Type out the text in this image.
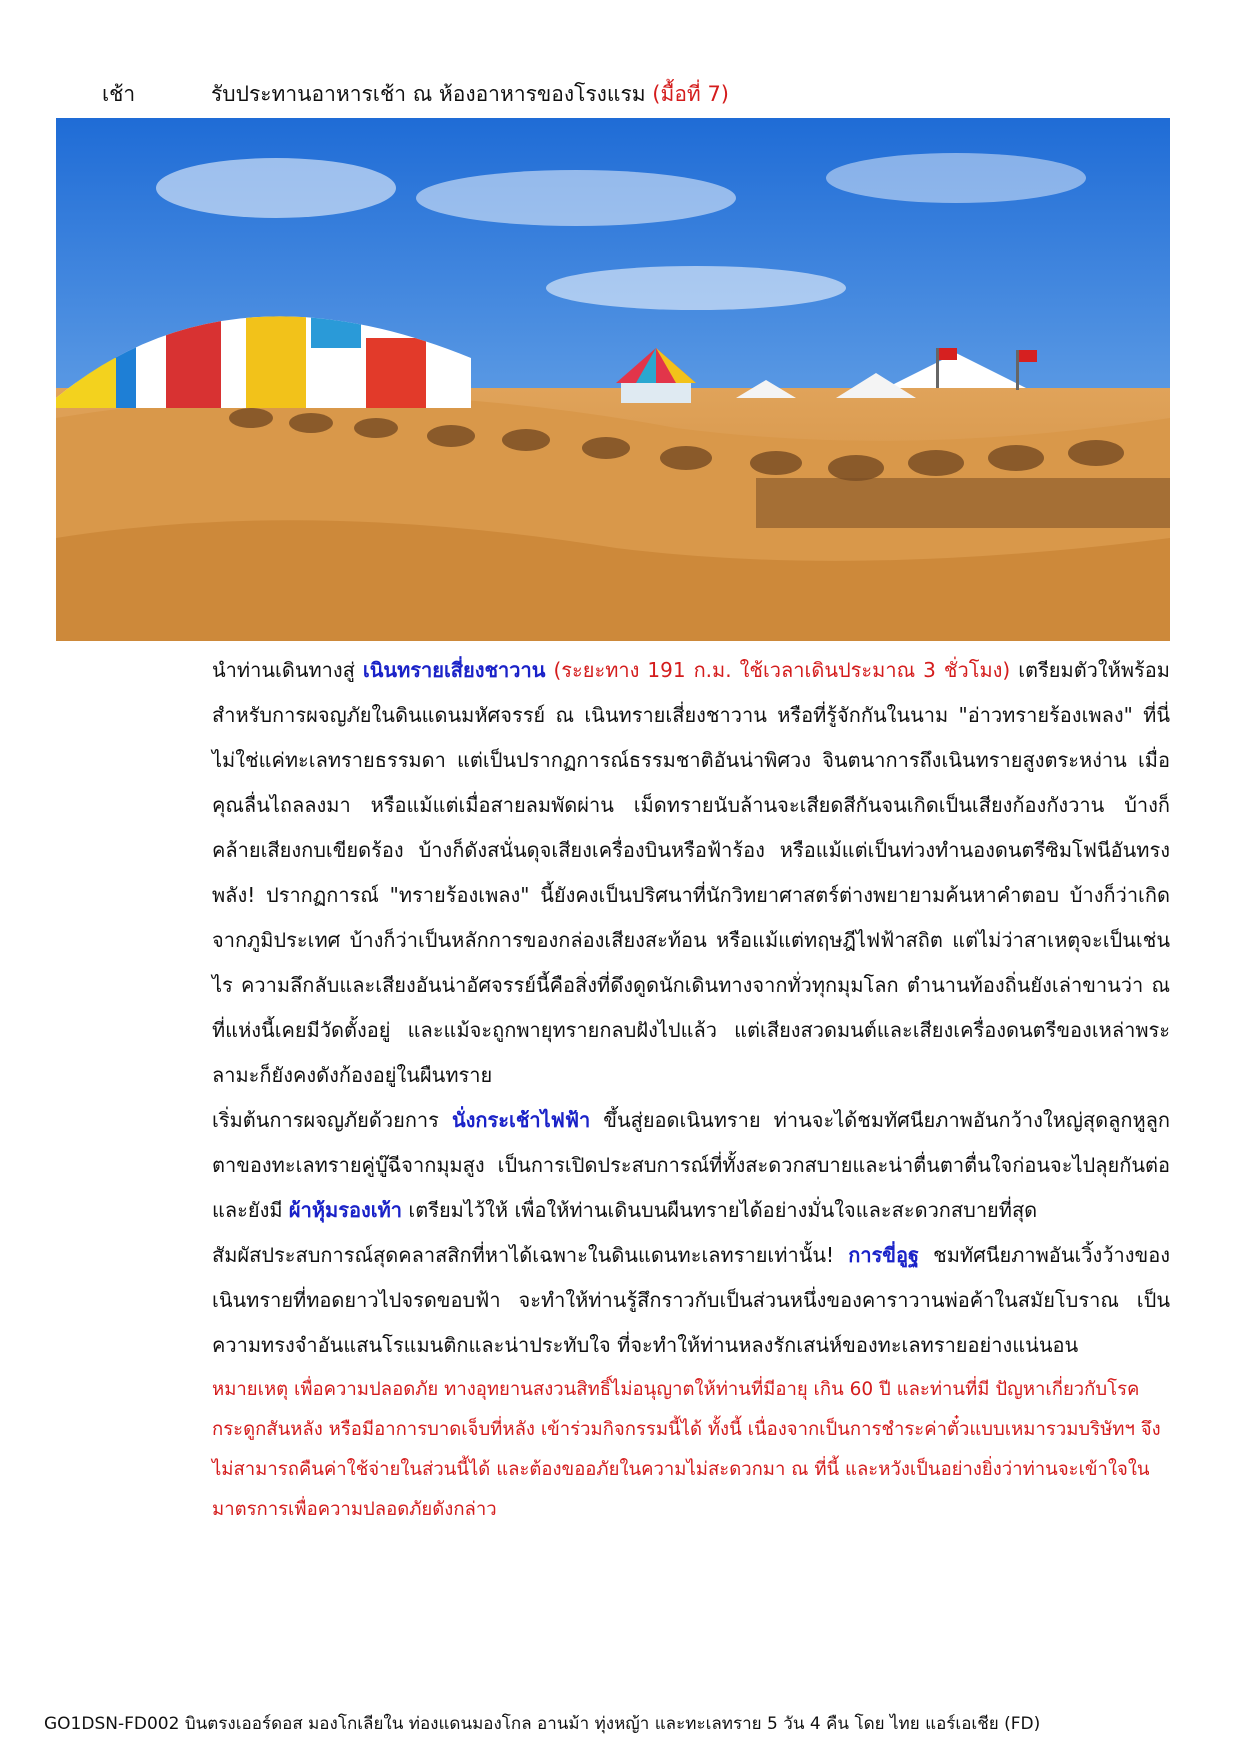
เช้า	รับประทานอาหารเช้า ณ ห้องอาหารของโรงแรม (มื้อที่ 7)

นำท่านเดินทางสู่ เนินทรายเสี่ยงชาวาน (ระยะทาง 191 ก.ม. ใช้เวลาเดินประมาณ 3 ชั่วโมง) เตรียมตัวให้พร้อมสำหรับการผจญภัยในดินแดนมหัศจรรย์ ณ เนินทรายเสี่ยงชาวาน หรือที่รู้จักกันในนาม "อ่าวทรายร้องเพลง" ที่นี่ไม่ใช่แค่ทะเลทรายธรรมดา แต่เป็นปรากฏการณ์ธรรมชาติอันน่าพิศวง จินตนาการถึงเนินทรายสูงตระหง่าน เมื่อคุณลื่นไถลลงมา หรือแม้แต่เมื่อสายลมพัดผ่าน เม็ดทรายนับล้านจะเสียดสีกันจนเกิดเป็นเสียงก้องกังวาน บ้างก็คล้ายเสียงกบเขียดร้อง บ้างก็ดังสนั่นดุจเสียงเครื่องบินหรือฟ้าร้อง หรือแม้แต่เป็นท่วงทำนองดนตรีซิมโฟนีอันทรงพลัง! ปรากฏการณ์ "ทรายร้องเพลง" นี้ยังคงเป็นปริศนาที่นักวิทยาศาสตร์ต่างพยายามค้นหาคำตอบ บ้างก็ว่าเกิดจากภูมิประเทศ บ้างก็ว่าเป็นหลักการของกล่องเสียงสะท้อน หรือแม้แต่ทฤษฎีไฟฟ้าสถิต แต่ไม่ว่าสาเหตุจะเป็นเช่นไร ความลึกลับและเสียงอันน่าอัศจรรย์นี้คือสิ่งที่ดึงดูดนักเดินทางจากทั่วทุกมุมโลก ตำนานท้องถิ่นยังเล่าขานว่า ณ ที่แห่งนี้เคยมีวัดตั้งอยู่ และแม้จะถูกพายุทรายกลบฝังไปแล้ว แต่เสียงสวดมนต์และเสียงเครื่องดนตรีของเหล่าพระลามะก็ยังคงดังก้องอยู่ในผืนทราย

เริ่มต้นการผจญภัยด้วยการ นั่งกระเช้าไฟฟ้า ขึ้นสู่ยอดเนินทราย ท่านจะได้ชมทัศนียภาพอันกว้างใหญ่สุดลูกหูลูกตาของทะเลทรายคู่บู๊ฉีจากมุมสูง เป็นการเปิดประสบการณ์ที่ทั้งสะดวกสบายและน่าตื่นตาตื่นใจก่อนจะไปลุยกันต่อ และยังมี ผ้าหุ้มรองเท้า เตรียมไว้ให้ เพื่อให้ท่านเดินบนผืนทรายได้อย่างมั่นใจและสะดวกสบายที่สุด

สัมผัสประสบการณ์สุดคลาสสิกที่หาได้เฉพาะในดินแดนทะเลทรายเท่านั้น! การขี่อูฐ ชมทัศนียภาพอันเวิ้งว้างของเนินทรายที่ทอดยาวไปจรดขอบฟ้า จะทำให้ท่านรู้สึกราวกับเป็นส่วนหนึ่งของคาราวานพ่อค้าในสมัยโบราณ เป็นความทรงจำอันแสนโรแมนติกและน่าประทับใจ ที่จะทำให้ท่านหลงรักเสน่ห์ของทะเลทรายอย่างแน่นอน

หมายเหตุ เพื่อความปลอดภัย ทางอุทยานสงวนสิทธิ์ไม่อนุญาตให้ท่านที่มีอายุ เกิน 60 ปี และท่านที่มี ปัญหาเกี่ยวกับโรคกระดูกสันหลัง หรือมีอาการบาดเจ็บที่หลัง เข้าร่วมกิจกรรมนี้ได้ ทั้งนี้ เนื่องจากเป็นการชำระค่าตั๋วแบบเหมารวมบริษัทฯ จึงไม่สามารถคืนค่าใช้จ่ายในส่วนนี้ได้ และต้องขออภัยในความไม่สะดวกมา ณ ที่นี้ และหวังเป็นอย่างยิ่งว่าท่านจะเข้าใจในมาตรการเพื่อความปลอดภัยดังกล่าว

GO1DSN-FD002 บินตรงเออร์ดอส มองโกเลียใน ท่องแดนมองโกล อานม้า ทุ่งหญ้า และทะเลทราย 5 วัน 4 คืน โดย ไทย แอร์เอเชีย (FD)
